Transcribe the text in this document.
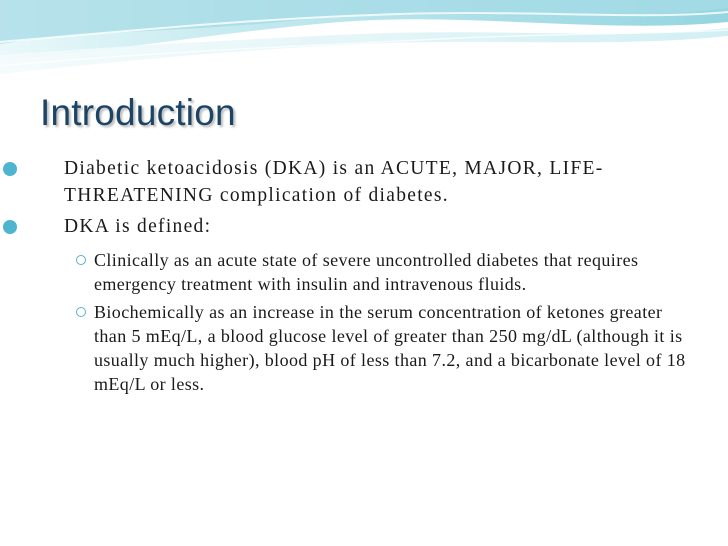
Introduction

Diabetic ketoacidosis (DKA) is an ACUTE, MAJOR, LIFE-THREATENING complication of diabetes.

DKA is defined:

Clinically as an acute state of severe uncontrolled diabetes that requires emergency treatment with insulin and intravenous fluids.

Biochemically as an increase in the serum concentration of ketones greater than 5 mEq/L, a blood glucose level of greater than 250 mg/dL (although it is usually much higher), blood pH of less than 7.2, and a bicarbonate level of 18 mEq/L or less.
